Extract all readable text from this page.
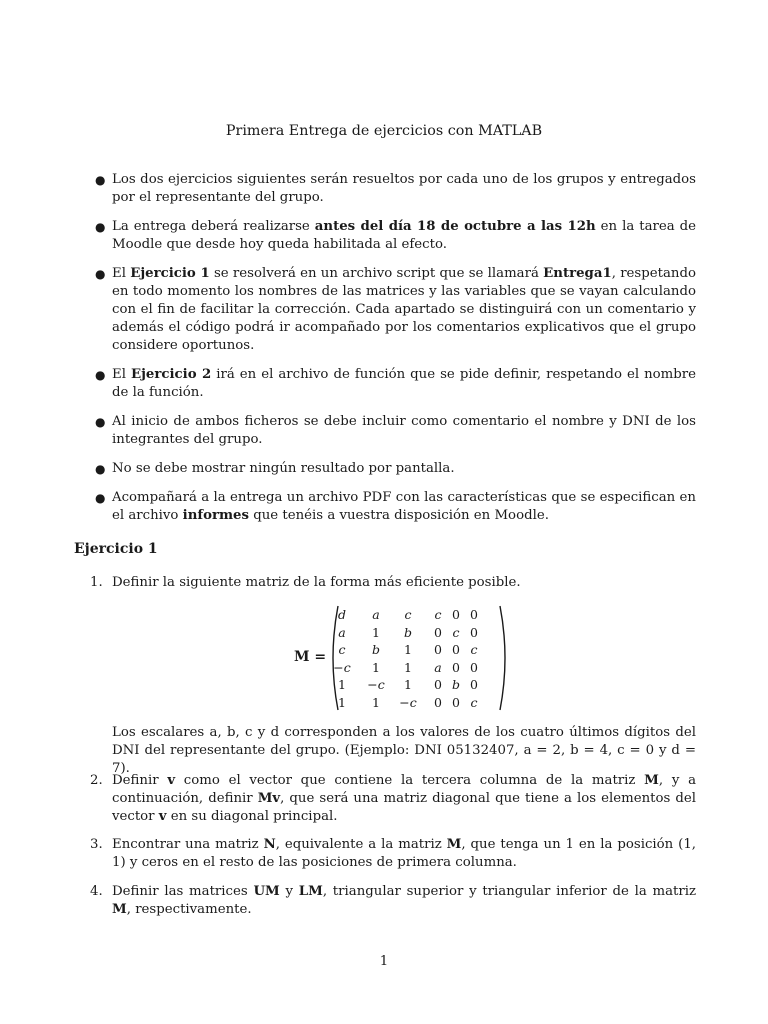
Primera Entrega de ejercicios con MATLAB
● Los dos ejercicios siguientes serán resueltos por cada uno de los grupos y entregados por el representante del grupo.
● La entrega deberá realizarse antes del día 18 de octubre a las 12h en la tarea de Moodle que desde hoy queda habilitada al efecto.
● El Ejercicio 1 se resolverá en un archivo script que se llamará Entrega1, respetando en todo momento los nombres de las matrices y las variables que se vayan calculando con el fin de facilitar la corrección. Cada apartado se distinguirá con un comentario y además el código podrá ir acompañado por los comentarios explicativos que el grupo considere oportunos.
● El Ejercicio 2 irá en el archivo de función que se pide definir, respetando el nombre de la función.
● Al inicio de ambos ficheros se debe incluir como comentario el nombre y DNI de los integrantes del grupo.
● No se debe mostrar ningún resultado por pantalla.
● Acompañará a la entrega un archivo PDF con las características que se especifican en el archivo informes que tenéis a vuestra disposición en Moodle.
Ejercicio 1
1. Definir la siguiente matriz de la forma más eficiente posible.
M =
d	a	c	c 0 0
a	1	b	0 c 0
c	b	1	0 0 c
−c	1	1	a 0 0
1	−c	1	0 b 0
1	1	−c	0 0 c
Los escalares a, b, c y d corresponden a los valores de los cuatro últimos dígitos del DNI del representante del grupo. (Ejemplo: DNI 05132407, a = 2, b = 4, c = 0 y d = 7).
2. Definir v como el vector que contiene la tercera columna de la matriz M, y a continuación, definir Mv, que será una matriz diagonal que tiene a los elementos del vector v en su diagonal principal.
3. Encontrar una matriz N, equivalente a la matriz M, que tenga un 1 en la posición (1, 1) y ceros en el resto de las posiciones de primera columna.
4. Definir las matrices UM y LM, triangular superior y triangular inferior de la matriz M, respectivamente.
1
